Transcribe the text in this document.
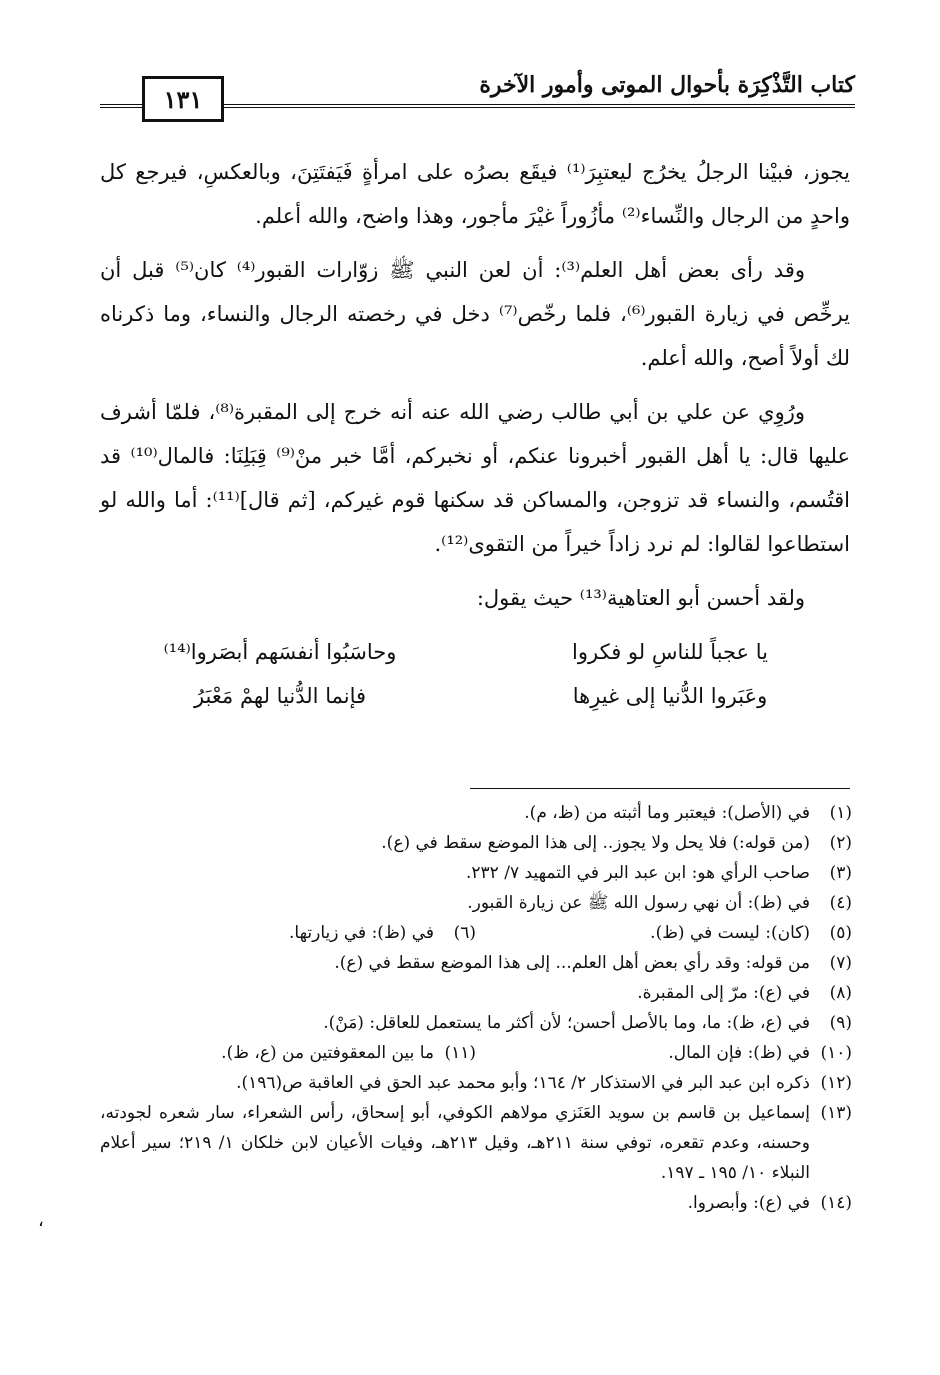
١٣١	كتاب التَّذْكِرَة بأحوال الموتى وأمور الآخرة

يجوز، فبيْنا الرجلُ يخرُج ليعتبِرَ⁽¹⁾ فيقَع بصرُه على امرأةٍ فَيَفتَتِنَ، وبالعكسِ، فيرجع كل واحدٍ من الرجال والنِّساء⁽²⁾ مأزُوراً غيْرَ مأجور، وهذا واضح، والله أعلم.

وقد رأى بعض أهل العلم⁽³⁾: أن لعن النبي ﷺ زوّارات القبور⁽⁴⁾ كان⁽⁵⁾ قبل أن يرخِّص في زيارة القبور⁽⁶⁾، فلما رخّص⁽⁷⁾ دخل في رخصته الرجال والنساء، وما ذكرناه لك أولاً أصح، والله أعلم.

ورُوِي عن علي بن أبي طالب رضي الله عنه أنه خرج إلى المقبرة⁽⁸⁾، فلمّا أشرف عليها قال: يا أهل القبور أخبرونا عنكم، أو نخبركم، أمَّا خبر منْ⁽⁹⁾ قِبَلِنَا: فالمال⁽¹⁰⁾ قد اقتُسم، والنساء قد تزوجن، والمساكن قد سكنها قوم غيركم، [ثم قال]⁽¹¹⁾: أما والله لو استطاعوا لقالوا: لم نرد زاداً خيراً من التقوى⁽¹²⁾.

ولقد أحسن أبو العتاهية⁽¹³⁾ حيث يقول:

يا عجباً للناسِ لو فكروا
وحاسَبُوا أنفسَهم أبصَروا⁽¹⁴⁾
وعَبَروا الدُّنيا إلى غيرِها
فإنما الدُّنيا لهمْ مَعْبَرُ
(١)
في (الأصل): فيعتبر وما أثبته من (ظ، م).
(٢)
(من قوله:) فلا يحل ولا يجوز.. إلى هذا الموضع سقط في (ع).
(٣)
صاحب الرأي هو: ابن عبد البر في التمهيد ٧/ ٢٣٢.
(٤)
في (ظ): أن نهي رسول الله ﷺ عن زيارة القبور.
(٥)
(كان): ليست في (ظ).
(٦)
في (ظ): في زيارتها.
(٧)
من قوله: وقد رأي بعض أهل العلم... إلى هذا الموضع سقط في (ع).
(٨)
في (ع): مرّ إلى المقبرة.
(٩)
في (ع، ظ): ما، وما بالأصل أحسن؛ لأن أكثر ما يستعمل للعاقل: (مَنْ).
(١٠)
في (ظ): فإن المال.
(١١)
ما بين المعقوفتين من (ع، ظ).
(١٢)
ذكره ابن عبد البر في الاستذكار ٢/ ١٦٤؛ وأبو محمد عبد الحق في العاقبة ص(١٩٦).
(١٣)
إسماعيل بن قاسم بن سويد العَنَزي مولاهم الكوفي، أبو إسحاق، رأس الشعراء، سار شعره لجودته، وحسنه، وعدم تقعره، توفي سنة ٢١١هـ، وقيل ٢١٣هـ، وفيات الأعيان لابن خلكان ١/ ٢١٩؛ سير أعلام النبلاء ١٠/ ١٩٥ ـ ١٩٧.
(١٤)
في (ع): وأبصروا.
،
